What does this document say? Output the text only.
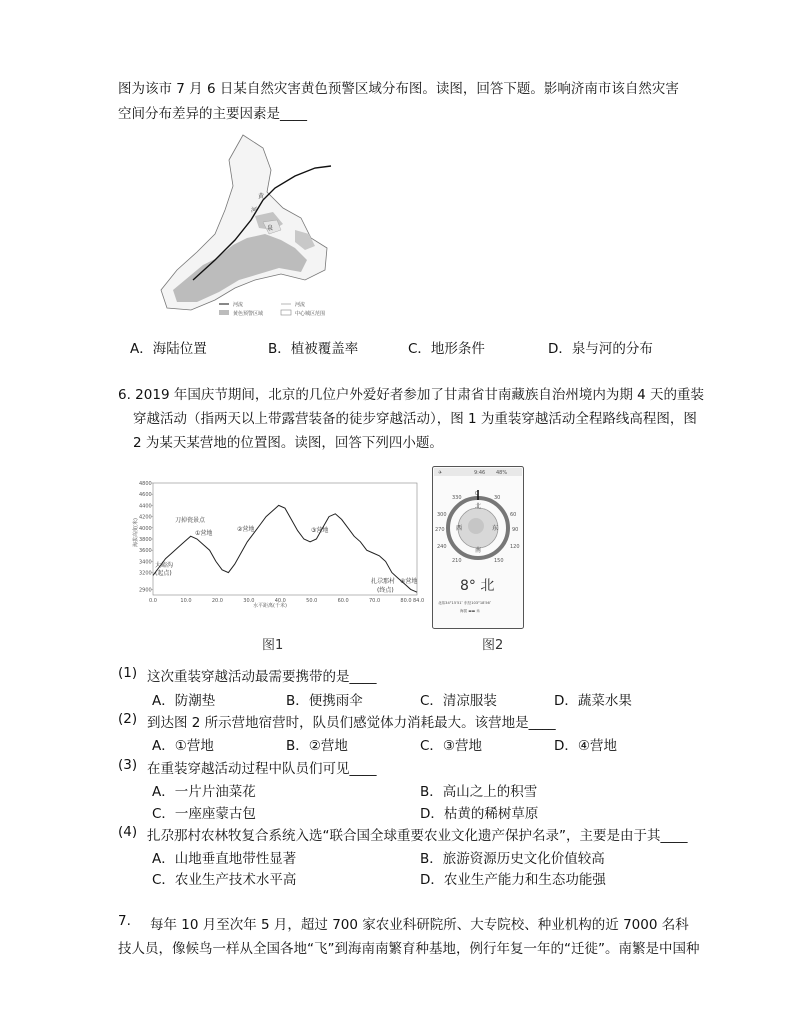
图为该市 7 月 6 日某自然灾害黄色预警区域分布图。读图，回答下题。影响济南市该自然灾害
空间分布差异的主要因素是____
黄
河
泉
河流
黄色预警区域
河流
中心城区范围
A．海陆位置	B．植被覆盖率	C．地形条件	D．泉与河的分布
6. 2019 年国庆节期间，北京的几位户外爱好者参加了甘肃省甘南藏族自治州境内为期 4 天的重装
穿越活动（指两天以上带露营装备的徒步穿越活动），图 1 为重装穿越活动全程路线高程图，图
2 为某天某营地的位置图。读图，回答下列四小题。
2900
3200
3400
3600
3800
4000
4200
4400
4600
4800
0.0	10.0	20.0	30.0	40.0	50.0	60.0	70.0	80.0 84.0
海拔高度(米)
水平距离(千米)
刀掉瓷景点
①营地
②营地	③营地
④营地
扎尕那村
大峪沟
(起点)
(终点)
图1
✈	9:46 48%
0
330	30
300	60
270	90
240	120
210	150
北
东
南
西
8° 北
北纬34°15′51″ 东经103°18′56″
海拔 ▬▬ 米
图2
(1) 这次重装穿越活动最需要携带的是____
A．防潮垫	B．便携雨伞	C．清凉服装	D．蔬菜水果
(2) 到达图 2 所示营地宿营时，队员们感觉体力消耗最大。该营地是____
A．①营地	B．②营地	C．③营地	D．④营地
(3) 在重装穿越活动过程中队员们可见____
A．一片片油菜花	B．高山之上的积雪
C．一座座蒙古包	D．枯黄的稀树草原
(4) 扎尕那村农林牧复合系统入选“联合国全球重要农业文化遗产保护名录”，主要是由于其____
A．山地垂直地带性显著	B．旅游资源历史文化价值较高
C．农业生产技术水平高	D．农业生产能力和生态功能强
7. 每年 10 月至次年 5 月，超过 700 家农业科研院所、大专院校、种业机构的近 7000 名科
技人员，像候鸟一样从全国各地“飞”到海南南繁育种基地，例行年复一年的“迁徙”。南繁是中国种
